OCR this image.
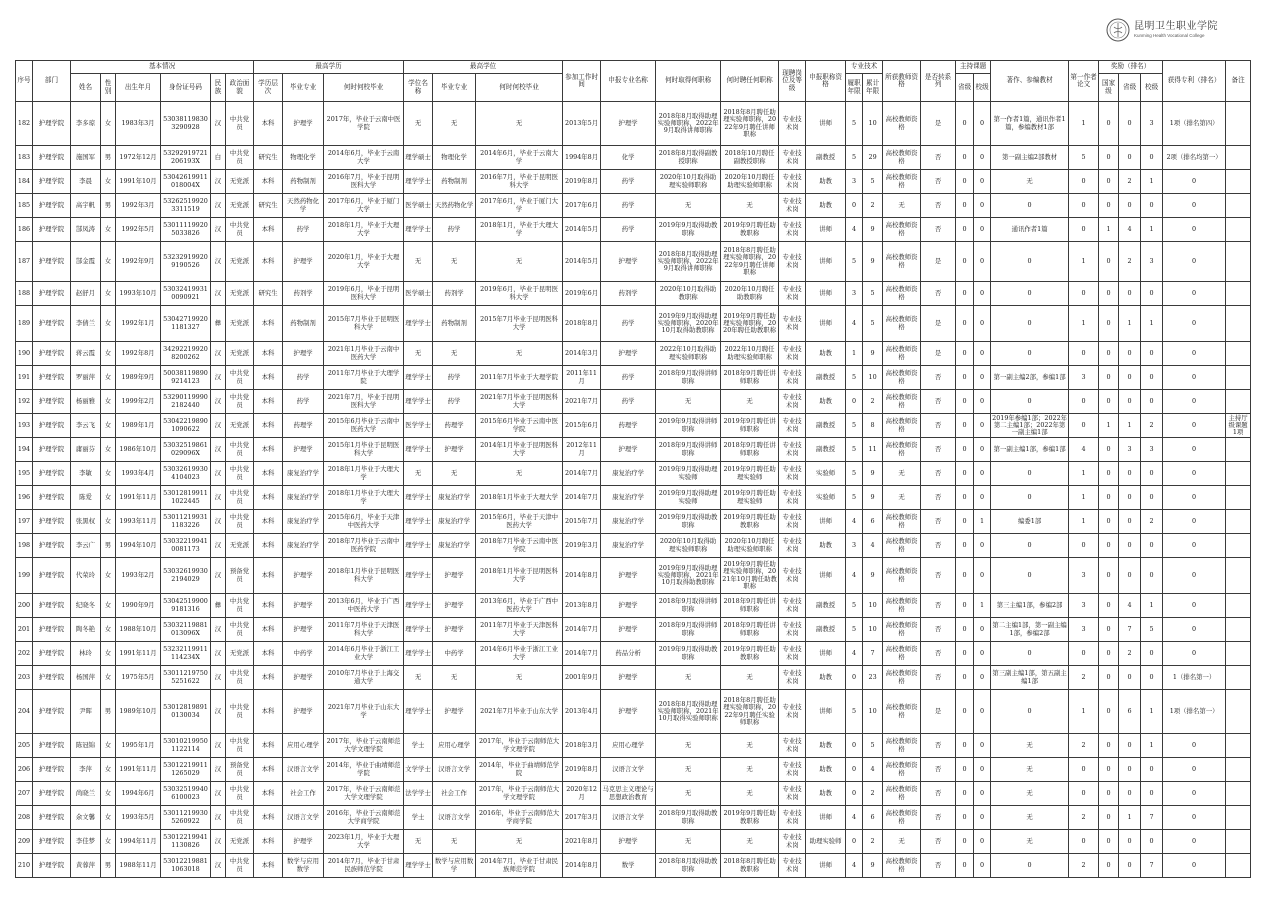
昆明卫生职业学院
Kunming Health Vocational College
序号	部门	基本情况						最高学历			最高学位			参加工作时间	申报专业名称	何时取得何职称	何时聘任何职称	现聘岗位及等级	申报职称资格	专业技术		所获教师资格	是否转系列	主持课题		著作、参编教材	第一作者论文	奖励（排名）			获得专利（排名）	备注
		姓名	性别	出生年月	身份证号码	民族	政治面貌	学历层次	毕业专业	何时何校毕业	学位名称	毕业专业	何时何校毕业							履职年限	累计年限			省级	校级			国家级	省级	校级		

182	护理学院	李多琼	女	1983年3月	530381198303290928	汉	中共党员	本科	护理学	2017年，毕业于云南中医学院	无	无	无	2013年5月	护理学	2018年8月取得助理实验师职称，2022年9月取得讲师职称	2018年8月聘任助理实验师职称，2022年9月聘任讲师职称	专业技术岗	讲师	5	10	高校教师资格	是	0	0	第一作者1篇，通讯作者1篇，参编教材1部	1	0	0	3	1项（排名第四）	

183	护理学院	施国军	男	1972年12月	53292919721206193X	白	中共党员	研究生	物理化学	2014年6月，毕业于云南大学	理学硕士	物理化学	2014年6月，毕业于云南大学	1994年8月	化学	2018年8月取得副教授职称	2018年10月聘任副教授职称	专业技术岗	副教授	5	29	高校教师资格	否	0	0	第一副主编2部教材	5	0	0	0	2项（排名均第一）	

184	护理学院	李晨	女	1991年10月	53042619911018004X	汉	无党派	本科	药物制剂	2016年7月，毕业于昆明医科大学	理学学士	药物制剂	2016年7月，毕业于昆明医科大学	2019年8月	药学	2020年10月取得助理实验师职称	2020年10月聘任助理实验师职称	专业技术岗	助教	3	5	高校教师资格	否	0	0	无	0	0	2	1	0	

185	护理学院	高宇帆	男	1992年3月	532625199203311519	汉	无党派	研究生	天然药物化学	2017年6月，毕业于厦门大学	医学硕士	天然药物化学	2017年6月，毕业于厦门大学	2017年6月	药学	无	无	专业技术岗	助教	0	2	无	否	0	0	0	0	0	0	0	0	

186	护理学院	郜凤涛	女	1992年5月	530111199205033826	汉	中共党员	本科	药学	2018年1月，毕业于大理大学	理学学士	药学	2018年1月，毕业于大理大学	2014年5月	药学	2019年9月取得助教职称	2019年9月聘任助教职称	专业技术岗	讲师	4	9	高校教师资格	否	0	0	通讯作者1篇	0	1	4	1	0	

187	护理学院	郜金霞	女	1992年9月	532329199209190526	汉	无党派	本科	护理学	2020年1月，毕业于大理大学	无	无	无	2014年5月	护理学	2018年8月取得助理实验师职称，2022年9月取得讲师职称	2018年8月聘任助理实验师职称，2022年9月聘任讲师职称	专业技术岗	讲师	5	9	高校教师资格	是	0	0	0	1	0	2	3	0	

188	护理学院	赵舒月	女	1993年10月	530324199310090921	汉	无党派	研究生	药剂学	2019年6月，毕业于昆明医科大学	医学硕士	药剂学	2019年6月，毕业于昆明医科大学	2019年6月	药剂学	2020年10月取得助教职称	2020年10月聘任助教职称	专业技术岗	讲师	3	5	高校教师资格	否	0	0	0	0	0	0	0	0	

189	护理学院	李倩兰	女	1992年1月	530427199201181327	彝	无党派	本科	药物制剂	2015年7月毕业于昆明医科大学	理学学士	药物制剂	2015年7月毕业于昆明医科大学	2018年8月	药学	2019年9月取得助理实验师职称，2020年10月取得助教职称	2019年9月聘任助理实验师职称，2020年聘任助教职称	专业技术岗	讲师	4	5	高校教师资格	是	0	0	0	1	0	1	1	0	

190	护理学院	蒋云霞	女	1992年8月	342922199208200262	汉	无党派	本科	护理学	2021年1月毕业于云南中医药大学	无	无	无	2014年3月	护理学	2022年10月取得助理实验师职称	2022年10月聘任助理实验师职称	专业技术岗	助教	1	9	高校教师资格	是	0	0	0	0	0	0	0	0	

191	护理学院	罗丽萍	女	1989年9月	500381198909214123	汉	中共党员	本科	药学	2011年7月毕业于大理学院	理学学士	药学	2011年7月毕业于大理学院	2011年11月	药学	2018年9月取得讲师职称	2018年9月聘任讲师职称	专业技术岗	副教授	5	10	高校教师资格	否	0	0	第一副主编2部，参编1部	3	0	0	0	0	

192	护理学院	杨丽雅	女	1999年2月	532901199902182440	汉	中共党员	本科	药学	2021年7月，毕业于昆明医科大学	理学学士	药学	2021年7月毕业于昆明医科大学	2021年7月	药学	无	无	专业技术岗	助教	0	2	高校教师资格	否	0	0	0	0	0	0	0	0	

193	护理学院	李云飞	女	1989年1月	530422198901090622	汉	无党派	本科	药理学	2015年6月毕业于云南中医药大学	医学学士	药理学	2015年6月毕业于云南中医学院	2015年6月	药理学	2019年9月取得讲师职称	2019年9月聘任讲师职称	专业技术岗	副教授	5	8	高校教师资格	否	0	0	2019年参编1部；2022年第二主编1部；2022年第一副主编1部	0	1	1	2	0	主持厅级课题1项

194	护理学院	庸丽芬	女	1986年10月	53032519861029096X	汉	中共党员	本科	护理学	2015年1月毕业于昆明医科大学	理学学士	护理学	2014年1月毕业于昆明医科大学	2012年11月	护理学	2018年9月取得讲师职称	2018年9月聘任讲师职称	专业技术岗	副教授	5	11	高校教师资格	否	0	0	第一副主编1部，参编1部	4	0	3	3	0	

195	护理学院	李敏	女	1993年4月	530326199304104023	汉	中共党员	本科	康复治疗学	2018年1月毕业于大理大学	无	无	无	2014年7月	康复治疗学	2019年9月取得助理实验师	2019年9月聘任助理实验师	专业技术岗	实验师	5	9	无	否	0	0	0	1	0	0	0	0	

196	护理学院	陈爱	女	1991年11月	530128199111022445	汉	中共党员	本科	康复治疗学	2018年1月毕业于大理大学	理学学士	康复治疗学	2018年1月毕业于大理大学	2014年7月	康复治疗学	2019年9月取得助理实验师	2019年9月聘任助理实验师	专业技术岗	实验师	5	9	无	否	0	0	0	1	0	0	0	0	

197	护理学院	张黑权	女	1993年11月	530112199311183226	汉	中共党员	本科	康复治疗学	2015年6月，毕业于天津中医药大学	理学学士	康复治疗学	2015年6月，毕业于天津中医药大学	2015年7月	康复治疗学	2019年9月取得助教职称	2019年9月聘任助教职称	专业技术岗	讲师	4	6	高校教师资格	否	0	1	编委1部	1	0	0	2	0	

198	护理学院	李云广	男	1994年10月	530322199410081173	汉	无党派	本科	康复治疗学	2018年7月毕业于云南中医药学院	理学学士	康复治疗学	2018年7月毕业于云南中医学院	2019年3月	康复治疗学	2020年10月取得助理实验师职称	2020年10月聘任助理实验师职称	专业技术岗	助教	3	4	高校教师资格	否	0	0	0	0	0	0	0	0	

199	护理学院	代荣玲	女	1993年2月	530326199302194029	汉	预备党员	本科	护理学	2018年1月毕业于昆明医科大学	理学学士	护理学	2018年1月毕业于昆明医科大学	2014年8月	护理学	2019年9月取得助理实验师职称，2021年10月取得助教职称	2019年9月聘任助理实验师职称，2021年10月聘任助教职称	专业技术岗	讲师	4	9	高校教师资格	否	0	0	0	3	0	0	0	0	

200	护理学院	纪晓冬	女	1990年9月	530425199009181316	彝	中共党员	本科	护理学	2013年6月，毕业于广西中医药大学	理学学士	护理学	2013年6月，毕业于广西中医药大学	2013年8月	护理学	2018年9月取得讲师职称	2018年9月聘任讲师职称	专业技术岗	副教授	5	10	高校教师资格	否	0	1	第三主编1部，参编2部	3	0	4	1	0	

201	护理学院	陶冬艳	女	1988年10月	53032119881013096X	汉	中共党员	本科	护理学	2011年7月毕业于天津医科大学	理学学士	护理学	2011年7月毕业于天津医科大学	2014年7月	护理学	2018年9月取得讲师职称	2018年9月聘任讲师职称	专业技术岗	副教授	5	10	高校教师资格	否	0	0	第二主编1部，第一副主编1部，参编2部	3	0	7	5	0	

202	护理学院	林玲	女	1991年11月	53232119911114234X	汉	无党派	本科	中药学	2014年6月毕业于浙江工业大学	理学学士	中药学	2014年6月毕业于浙江工业大学	2014年7月	药品分析	2019年9月取得助教职称	2019年9月聘任助教职称	专业技术岗	讲师	4	7	高校教师资格	否	0	0	0	0	0	2	0	0	

203	护理学院	杨国萍	女	1975年5月	530112197505251622	汉	中共党员	本科	护理学	2010年7月毕业于上海交通大学	无	无	无	2001年9月	护理学	无	无	专业技术岗	助教	0	23	高校教师资格	否	0	0	第三副主编1部，第五副主编1部	2	0	0	0	1（排名第一）	

204	护理学院	尹晖	男	1989年10月	530128198910130034	汉	中共党员	本科	护理学	2021年7月毕业于山东大学	理学学士	护理学	2021年7月毕业于山东大学	2013年4月	护理学	2018年8月取得助理实验师职称，2021年10月取得实验师职称	2018年8月聘任助理实验师职称，2022年9月聘任实验师职称	专业技术岗	讲师	5	10	高校教师资格	是	0	0	0	1	0	6	1	1项（排名第一）	

205	护理学院	陈冠锦	女	1995年1月	530102199501122114	汉	中共党员	本科	应用心理学	2017年，毕业于云南师范大学文理学院	学士	应用心理学	2017年，毕业于云南师范大学文理学院	2018年3月	应用心理学	无	无	专业技术岗	助教	0	5	高校教师资格	否	0	0	无	2	0	0	1	0	

206	护理学院	李萍	女	1991年11月	530122199111265029	汉	预备党员	本科	汉语言文学	2014年，毕业于曲靖师范学院	文学学士	汉语言文学	2014年，毕业于曲靖师范学院	2019年8月	汉语言文学	无	无	专业技术岗	助教	0	4	高校教师资格	否	0	0	无	0	0	0	0	0	

207	护理学院	尚晓兰	女	1994年6月	530325199406100023	汉	中共党员	本科	社会工作	2017年，毕业于云南师范大学文理学院	法学学士	社会工作	2017年，毕业于云南师范大学文理学院	2020年12月	马克思主义理论与思想政治教育	无	无	专业技术岗	助教	0	2	高校教师资格	否	0	0	无	0	0	0	0	0	

208	护理学院	余文馨	女	1993年5月	530112199305260922	汉	中共党员	本科	汉语言文学	2016年，毕业于云南师范大学商学院	学士	汉语言文学	2016年，毕业于云南师范大学商学院	2017年3月	汉语言文学	2018年9月取得助教职称	2019年9月聘任助教职称	专业技术岗	讲师	4	6	高校教师资格	否	0	0	无	2	0	1	7	0	

209	护理学院	李佳梦	女	1994年11月	530122199411130826	汉	无党派	本科	护理学	2023年1月，毕业于大理大学	无	无	无	2021年8月	护理学	无	无	专业技术岗	助理实验师	0	2	无	否	0	0	无	0	0	0	0	0	

210	护理学院	黄蓉萍	男	1988年11月	530122198811063018	汉	中共党员	本科	数学与应用数学	2014年7月，毕业于甘肃民族师范学院	理学学士	数学与应用数学	2014年7月，毕业于甘肃民族师范学院	2014年8月	数学	2018年8月取得助教职称	2018年8月聘任助教职称	专业技术岗	讲师	4	9	高校教师资格	否	0	0	0	2	0	0	7	0	
